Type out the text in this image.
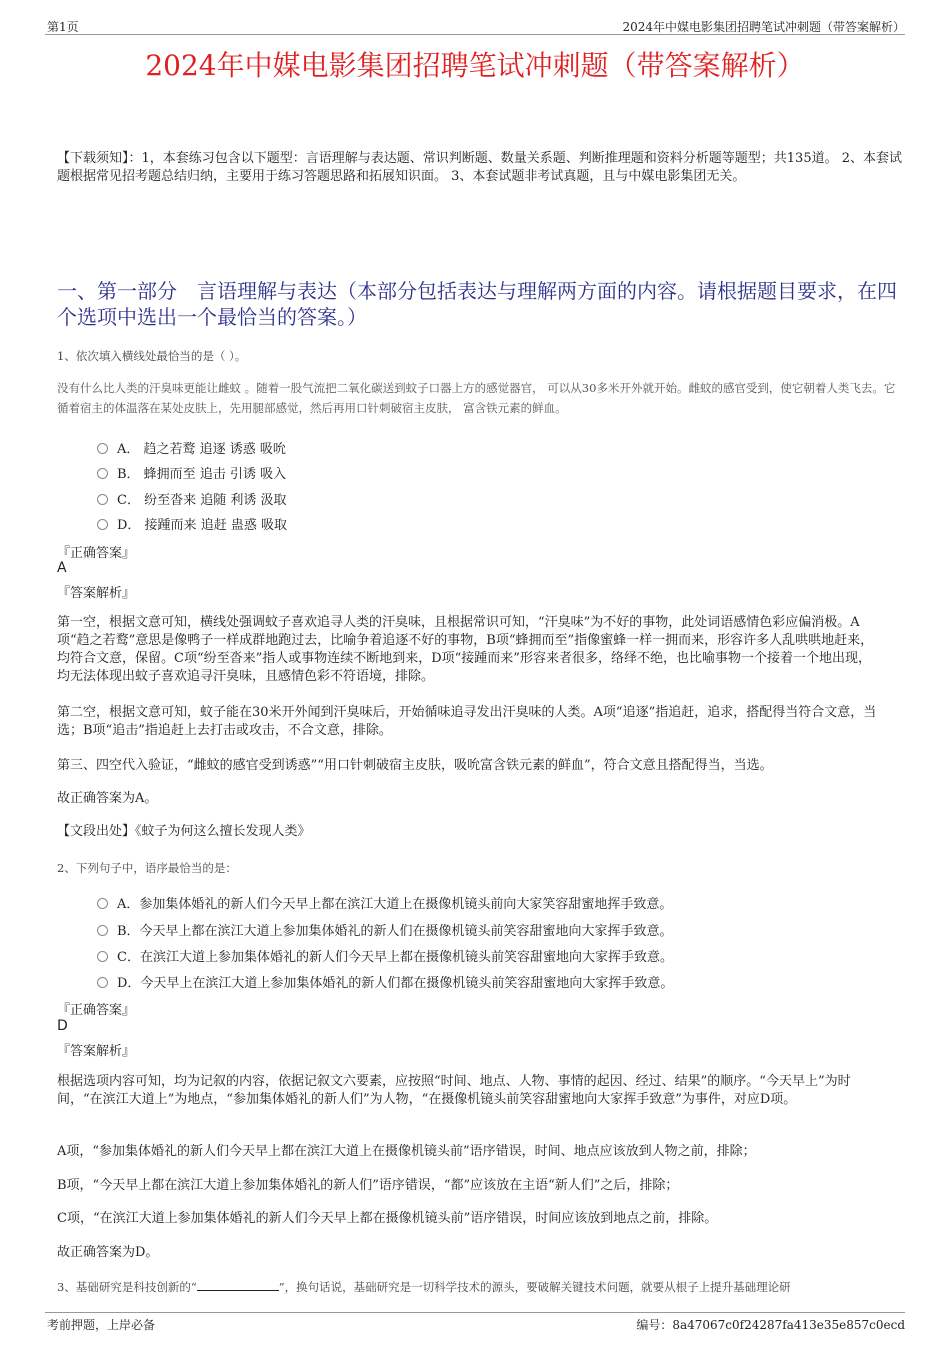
第1页	2024年中媒电影集团招聘笔试冲刺题（带答案解析）
2024年中媒电影集团招聘笔试冲刺题（带答案解析）
【下载须知】：1，本套练习包含以下题型：言语理解与表达题、常识判断题、数量关系题、判断推理题和资料分析题等题型；共135道。 2、本套试题根据常见招考题总结归纳，主要用于练习答题思路和拓展知识面。 3、本套试题非考试真题，且与中媒电影集团无关。
一、第一部分　言语理解与表达（本部分包括表达与理解两方面的内容。请根据题目要求，在四个选项中选出一个最恰当的答案。）
1、依次填入横线处最恰当的是（ ）。
没有什么比人类的汗臭味更能让雌蚊 。随着一股气流把二氧化碳送到蚊子口器上方的感觉器官， 可以从30多米开外就开始。雌蚊的感官受到，使它朝着人类飞去。它循着宿主的体温落在某处皮肤上，先用腿部感觉，然后再用口针刺破宿主皮肤， 富含铁元素的鲜血。
A． 趋之若鹜 追逐 诱惑 吸吮
B． 蜂拥而至 追击 引诱 吸入
C． 纷至沓来 追随 利诱 汲取
D． 接踵而来 追赶 蛊惑 吸取
『正确答案』
A
『答案解析』
第一空，根据文意可知，横线处强调蚊子喜欢追寻人类的汗臭味，且根据常识可知，“汗臭味”为不好的事物，此处词语感情色彩应偏消极。A项“趋之若鹜”意思是像鸭子一样成群地跑过去，比喻争着追逐不好的事物，B项“蜂拥而至”指像蜜蜂一样一拥而来，形容许多人乱哄哄地赶来，均符合文意，保留。C项“纷至沓来”指人或事物连续不断地到来，D项“接踵而来”形容来者很多，络绎不绝，也比喻事物一个接着一个地出现，均无法体现出蚊子喜欢追寻汗臭味，且感情色彩不符语境，排除。
第二空，根据文意可知，蚊子能在30米开外闻到汗臭味后，开始循味追寻发出汗臭味的人类。A项“追逐”指追赶，追求，搭配得当符合文意，当选；B项“追击”指追赶上去打击或攻击，不合文意，排除。
第三、四空代入验证，“雌蚊的感官受到诱惑”“用口针刺破宿主皮肤，吸吮富含铁元素的鲜血”，符合文意且搭配得当，当选。
故正确答案为A。
【文段出处】《蚊子为何这么擅长发现人类》
2、下列句子中，语序最恰当的是：
A．参加集体婚礼的新人们今天早上都在滨江大道上在摄像机镜头前向大家笑容甜蜜地挥手致意。
B．今天早上都在滨江大道上参加集体婚礼的新人们在摄像机镜头前笑容甜蜜地向大家挥手致意。
C．在滨江大道上参加集体婚礼的新人们今天早上都在摄像机镜头前笑容甜蜜地向大家挥手致意。
D．今天早上在滨江大道上参加集体婚礼的新人们都在摄像机镜头前笑容甜蜜地向大家挥手致意。
『正确答案』
D
『答案解析』
根据选项内容可知，均为记叙的内容，依据记叙文六要素，应按照“时间、地点、人物、事情的起因、经过、结果”的顺序。“今天早上”为时间，“在滨江大道上”为地点，“参加集体婚礼的新人们”为人物，“在摄像机镜头前笑容甜蜜地向大家挥手致意”为事件，对应D项。
A项，“参加集体婚礼的新人们今天早上都在滨江大道上在摄像机镜头前”语序错误，时间、地点应该放到人物之前，排除；
B项，“今天早上都在滨江大道上参加集体婚礼的新人们”语序错误，“都”应该放在主语“新人们”之后，排除；
C项，“在滨江大道上参加集体婚礼的新人们今天早上都在摄像机镜头前”语序错误，时间应该放到地点之前，排除。
故正确答案为D。
3、基础研究是科技创新的“	”，换句话说，基础研究是一切科学技术的源头，要破解关键技术问题，就要从根子上提升基础理论研
考前押题，上岸必备	编号：8a47067c0f24287fa413e35e857c0ecd
